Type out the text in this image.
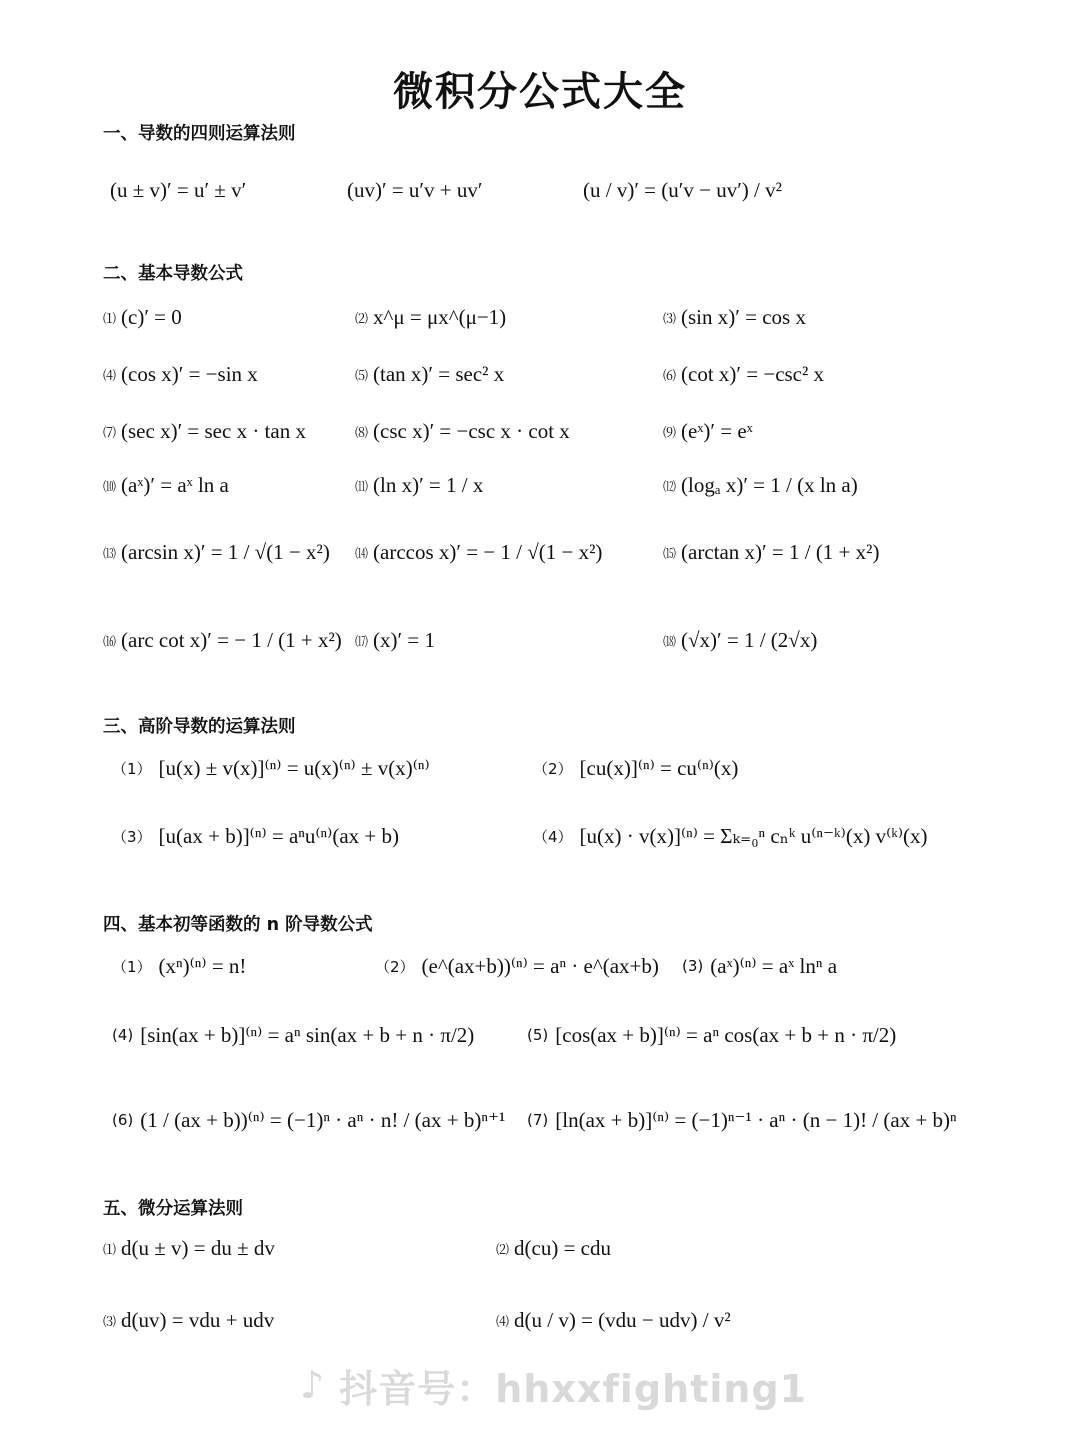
微积分公式大全
一、导数的四则运算法则
(u ± v)′ = u′ ± v′	(uv)′ = u′v + uv′	(u / v)′ = (u′v − uv′) / v²
二、基本导数公式
⑴ (c)′ = 0	⑵ x^μ = μx^(μ−1)	⑶ (sin x)′ = cos x
⑷ (cos x)′ = −sin x	⑸ (tan x)′ = sec² x	⑹ (cot x)′ = −csc² x
⑺ (sec x)′ = sec x · tan x	⑻ (csc x)′ = −csc x · cot x	⑼ (eˣ)′ = eˣ
⑽ (aˣ)′ = aˣ ln a	⑾ (ln x)′ = 1 / x	⑿ (logₐ x)′ = 1 / (x ln a)
⒀ (arcsin x)′ = 1 / √(1 − x²) ⒁ (arccos x)′ = − 1 / √(1 − x²)	⒂ (arctan x)′ = 1 / (1 + x²)
⒃ (arc cot x)′ = − 1 / (1 + x²) ⒄ (x)′ = 1	⒅ (√x)′ = 1 / (2√x)
三、高阶导数的运算法则
（1） [u(x) ± v(x)]⁽ⁿ⁾ = u(x)⁽ⁿ⁾ ± v(x)⁽ⁿ⁾	（2） [cu(x)]⁽ⁿ⁾ = cu⁽ⁿ⁾(x)
（3） [u(ax + b)]⁽ⁿ⁾ = aⁿu⁽ⁿ⁾(ax + b)	（4） [u(x) · v(x)]⁽ⁿ⁾ = Σₖ₌₀ⁿ cₙᵏ u⁽ⁿ⁻ᵏ⁾(x) v⁽ᵏ⁾(x)
四、基本初等函数的 n 阶导数公式
（1） (xⁿ)⁽ⁿ⁾ = n!	（2） (e^(ax+b))⁽ⁿ⁾ = aⁿ · e^(ax+b) (3) (aˣ)⁽ⁿ⁾ = aˣ lnⁿ a
(4) [sin(ax + b)]⁽ⁿ⁾ = aⁿ sin(ax + b + n · π/2)	(5) [cos(ax + b)]⁽ⁿ⁾ = aⁿ cos(ax + b + n · π/2)
(6) (1 / (ax + b))⁽ⁿ⁾ = (−1)ⁿ · aⁿ · n! / (ax + b)ⁿ⁺¹ (7) [ln(ax + b)]⁽ⁿ⁾ = (−1)ⁿ⁻¹ · aⁿ · (n − 1)! / (ax + b)ⁿ
五、微分运算法则
⑴ d(u ± v) = du ± dv	⑵ d(cu) = cdu
⑶ d(uv) = vdu + udv	⑷ d(u / v) = (vdu − udv) / v²
♪ 抖音号：hhxxfighting1
